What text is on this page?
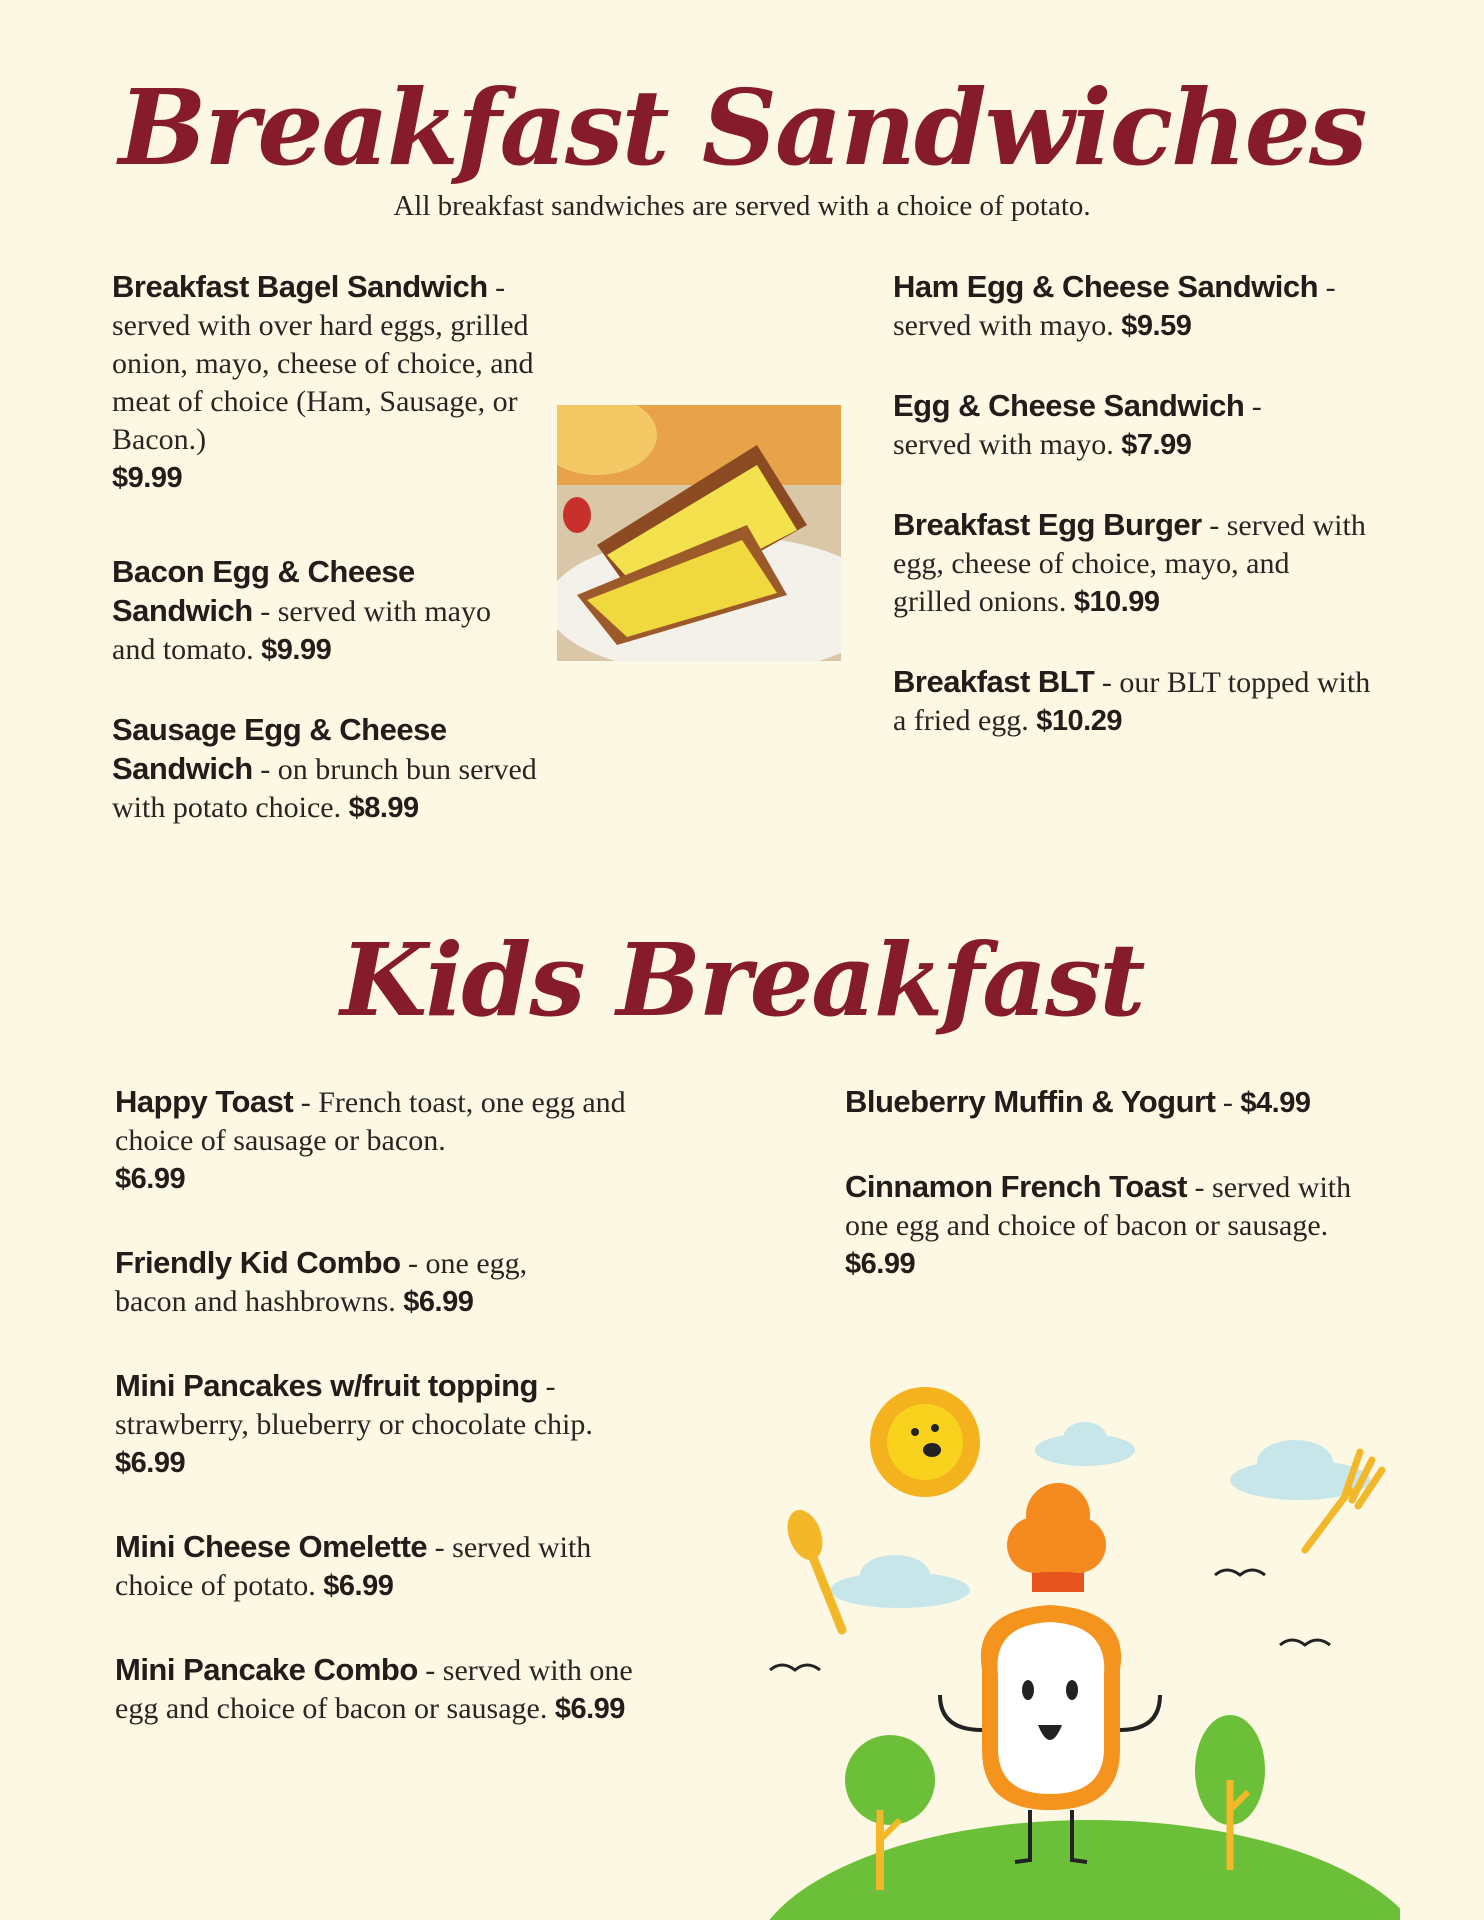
Breakfast Sandwiches
All breakfast sandwiches are served with a choice of potato.
Breakfast Bagel Sandwich - served with over hard eggs, grilled onion, mayo, cheese of choice, and meat of choice (Ham, Sausage, or Bacon.)
$9.99
Bacon Egg & Cheese Sandwich - served with mayo and tomato. $9.99
Sausage Egg & Cheese Sandwich - on brunch bun served with potato choice. $8.99
Ham Egg & Cheese Sandwich -
served with mayo. $9.59
Egg & Cheese Sandwich -
served with mayo. $7.99
Breakfast Egg Burger - served with egg, cheese of choice, mayo, and grilled onions. $10.99
Breakfast BLT - our BLT topped with a fried egg. $10.29
Kids Breakfast
Happy Toast - French toast, one egg and choice of sausage or bacon.
$6.99
Friendly Kid Combo - one egg, bacon and hashbrowns. $6.99
Mini Pancakes w/fruit topping - strawberry, blueberry or chocolate chip. $6.99
Mini Cheese Omelette - served with choice of potato. $6.99
Mini Pancake Combo - served with one egg and choice of bacon or sausage. $6.99
Blueberry Muffin & Yogurt - $4.99
Cinnamon French Toast - served with one egg and choice of bacon or sausage. $6.99
